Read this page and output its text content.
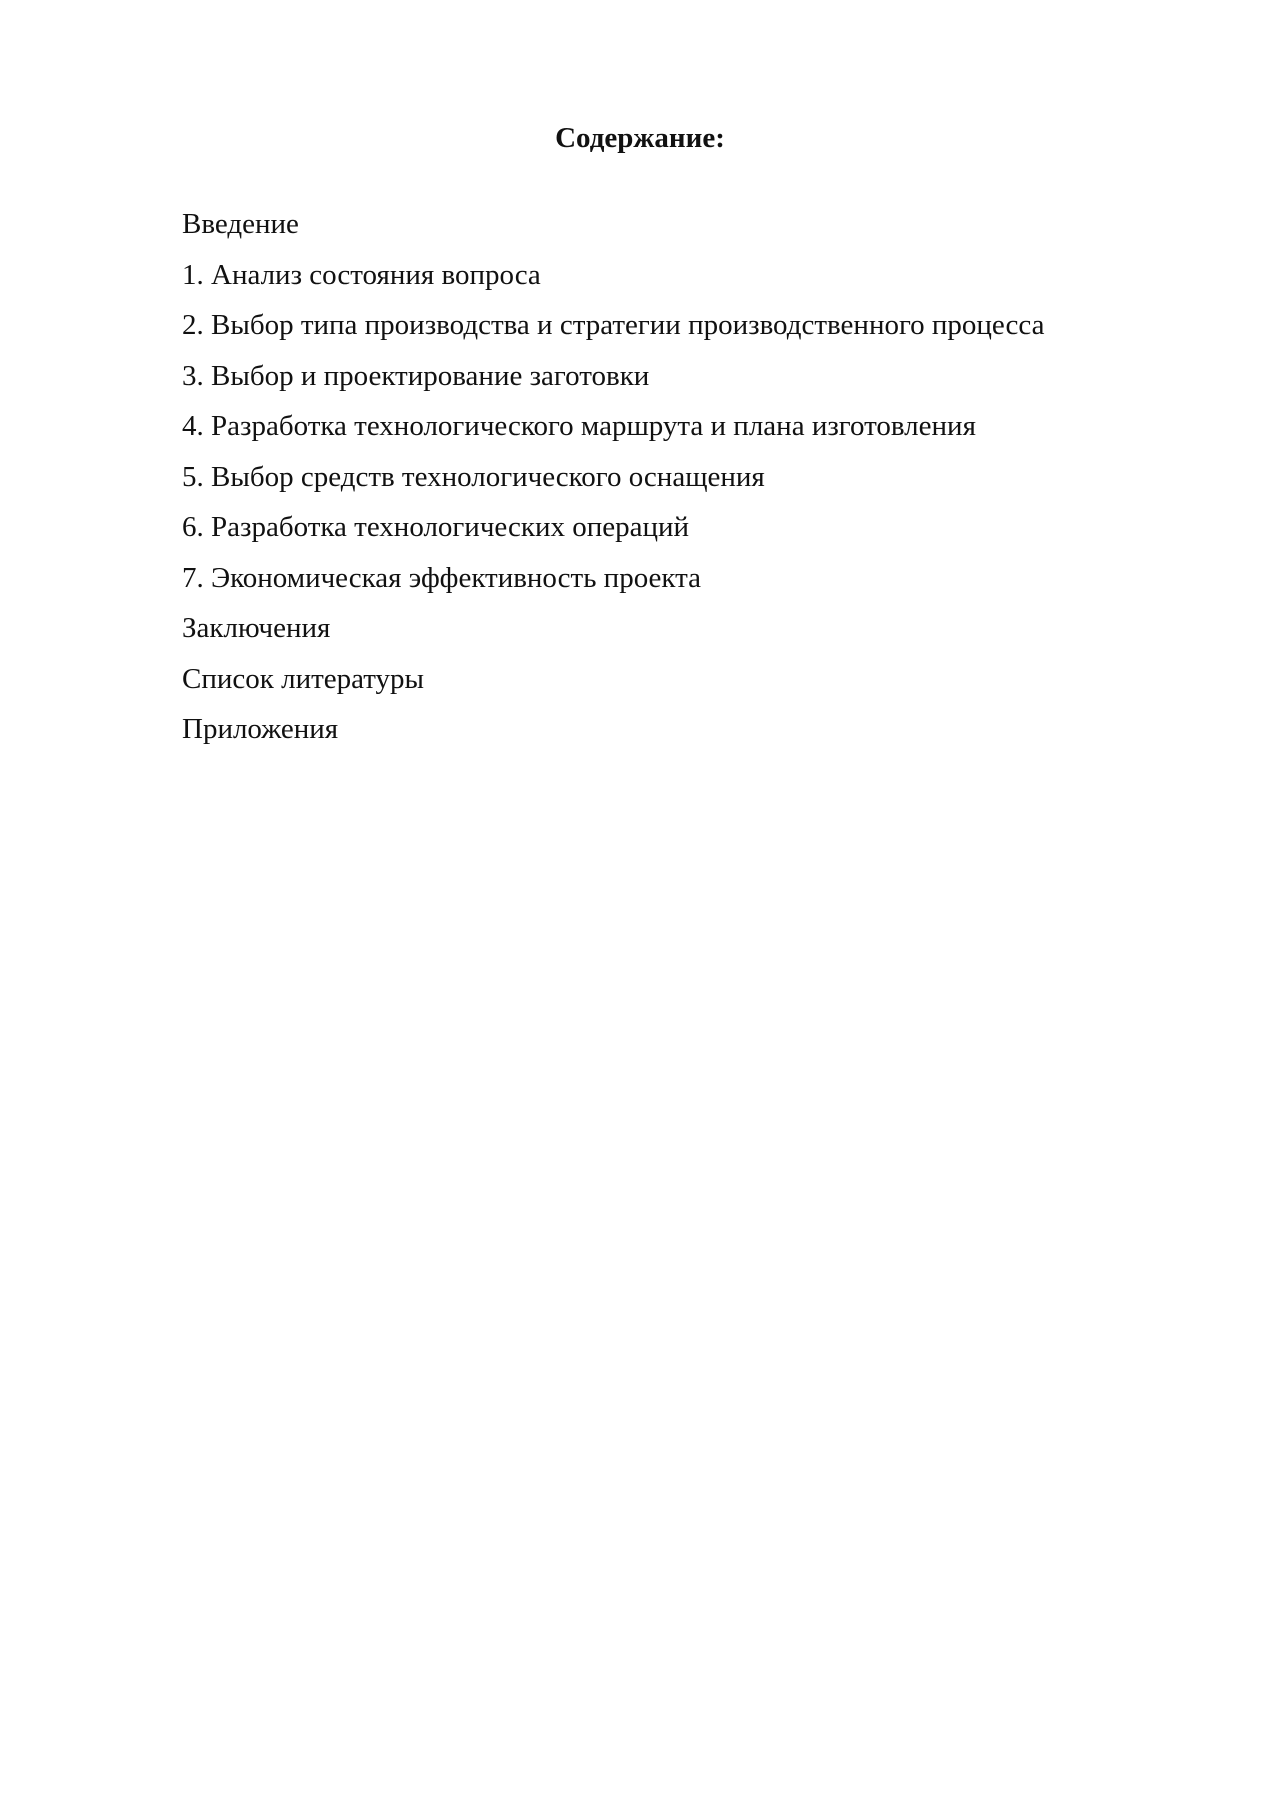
Содержание:
Введение
1. Анализ состояния вопроса
2. Выбор типа производства и стратегии производственного процесса
3. Выбор и проектирование заготовки
4. Разработка технологического маршрута и плана изготовления
5. Выбор средств технологического оснащения
6. Разработка технологических операций
7. Экономическая эффективность проекта
Заключения
Список литературы
Приложения
